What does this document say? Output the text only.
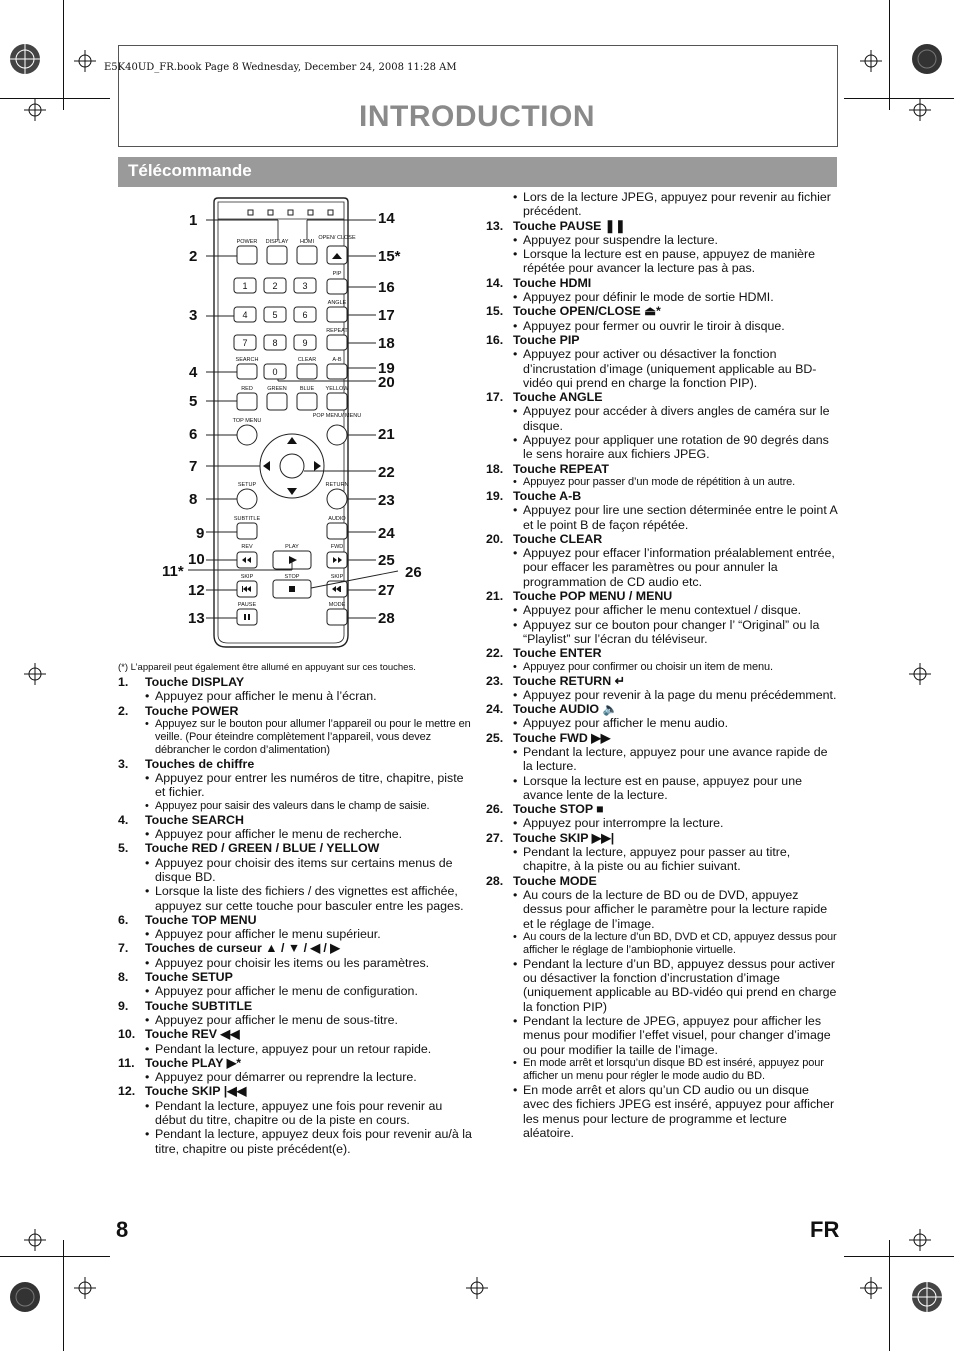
E5K40UD_FR.book Page 8 Wednesday, December 24, 2008 11:28 AM
INTRODUCTION
Télécommande
POWER DISPLAY HDMI
OPEN/ CLOSE
PIP
ANGLE
REPEAT
SEARCH	CLEAR	A-B
RED	GREEN BLUE YELLOW
TOP MENU
POP MENU/ MENU
SETUP	RETURN
SUBTITLE	AUDIO
REV	PLAY	FWD
SKIP	STOP	SKIP
PAUSE	MODE
1	2	3
4	5	6
7	8	9
0
1
2
3
4
5
6
7
8
9
10
11*
12
13
14
15*
16
17
18
19
20
21
22
23
24
25
26
27
28
(*) L’appareil peut également être allumé en appuyant sur ces touches.
1.	Touche DISPLAY
• Appuyez pour afficher le menu à l’écran.
2.	Touche POWER
• Appuyez sur le bouton pour allumer l’appareil ou pour le mettre en veille. (Pour éteindre complètement l’appareil, vous devez débrancher le cordon d’alimentation)
3.	Touches de chiffre
• Appuyez pour entrer les numéros de titre, chapitre, piste et fichier.
• Appuyez pour saisir des valeurs dans le champ de saisie.
4.	Touche SEARCH
• Appuyez pour afficher le menu de recherche.
5.	Touche RED / GREEN / BLUE / YELLOW
• Appuyez pour choisir des items sur certains menus de disque BD.
• Lorsque la liste des fichiers / des vignettes est affichée, appuyez sur cette touche pour basculer entre les pages.
6.	Touche TOP MENU
• Appuyez pour afficher le menu supérieur.
7.	Touches de curseur ▲ / ▼ / ◀ / ▶
• Appuyez pour choisir les items ou les paramètres.
8.	Touche SETUP
• Appuyez pour afficher le menu de configuration.
9.	Touche SUBTITLE
• Appuyez pour afficher le menu de sous-titre.
10. Touche REV ◀◀
• Pendant la lecture, appuyez pour un retour rapide.
11. Touche PLAY ▶*
• Appuyez pour démarrer ou reprendre la lecture.
12. Touche SKIP |◀◀
• Pendant la lecture, appuyez une fois pour revenir au début du titre, chapitre ou de la piste en cours.
• Pendant la lecture, appuyez deux fois pour revenir au/à la titre, chapitre ou piste précédent(e).
• Lors de la lecture JPEG, appuyez pour revenir au fichier précédent.
13. Touche PAUSE ❚❚
• Appuyez pour suspendre la lecture.
• Lorsque la lecture est en pause, appuyez de manière répétée pour avancer la lecture pas à pas.
14. Touche HDMI
• Appuyez pour définir le mode de sortie HDMI.
15. Touche OPEN/CLOSE ⏏*
• Appuyez pour fermer ou ouvrir le tiroir à disque.
16. Touche PIP
• Appuyez pour activer ou désactiver la fonction d’incrustation d’image (uniquement applicable au BD-vidéo qui prend en charge la fonction PIP).
17. Touche ANGLE
• Appuyez pour accéder à divers angles de caméra sur le disque.
• Appuyez pour appliquer une rotation de 90 degrés dans le sens horaire aux fichiers JPEG.
18. Touche REPEAT
• Appuyez pour passer d’un mode de répétition à un autre.
19. Touche A-B
• Appuyez pour lire une section déterminée entre le point A et le point B de façon répétée.
20. Touche CLEAR
• Appuyez pour effacer l’information préalablement entrée, pour effacer les paramètres ou pour annuler la programmation de CD audio etc.
21. Touche POP MENU / MENU
• Appuyez pour afficher le menu contextuel / disque.
• Appuyez sur ce bouton pour changer l’ “Original” ou la “Playlist” sur l’écran du téléviseur.
22. Touche ENTER
• Appuyez pour confirmer ou choisir un item de menu.
23. Touche RETURN ↵
• Appuyez pour revenir à la page du menu précédemment.
24. Touche AUDIO 🔈
• Appuyez pour afficher le menu audio.
25. Touche FWD ▶▶
• Pendant la lecture, appuyez pour une avance rapide de la lecture.
• Lorsque la lecture est en pause, appuyez pour une avance lente de la lecture.
26. Touche STOP ■
• Appuyez pour interrompre la lecture.
27. Touche SKIP ▶▶|
• Pendant la lecture, appuyez pour passer au titre, chapitre, à la piste ou au fichier suivant.
28. Touche MODE
• Au cours de la lecture de BD ou de DVD, appuyez dessus pour afficher le paramètre pour la lecture rapide et le réglage de l’image.
• Au cours de la lecture d’un BD, DVD et CD, appuyez dessus pour afficher le réglage de l’ambiophonie virtuelle.
• Pendant la lecture d’un BD, appuyez dessus pour activer ou désactiver la fonction d’incrustation d’image (uniquement applicable au BD-vidéo qui prend en charge la fonction PIP)
• Pendant la lecture de JPEG, appuyez pour afficher les menus pour modifier l’effet visuel, pour changer d’image ou pour modifier la taille de l’image.
• En mode arrêt et lorsqu’un disque BD est inséré, appuyez pour afficher un menu pour régler le mode audio du BD.
• En mode arrêt et alors qu’un CD audio ou un disque avec des fichiers JPEG est inséré, appuyez pour afficher les menus pour lecture de programme et lecture aléatoire.
8	FR
